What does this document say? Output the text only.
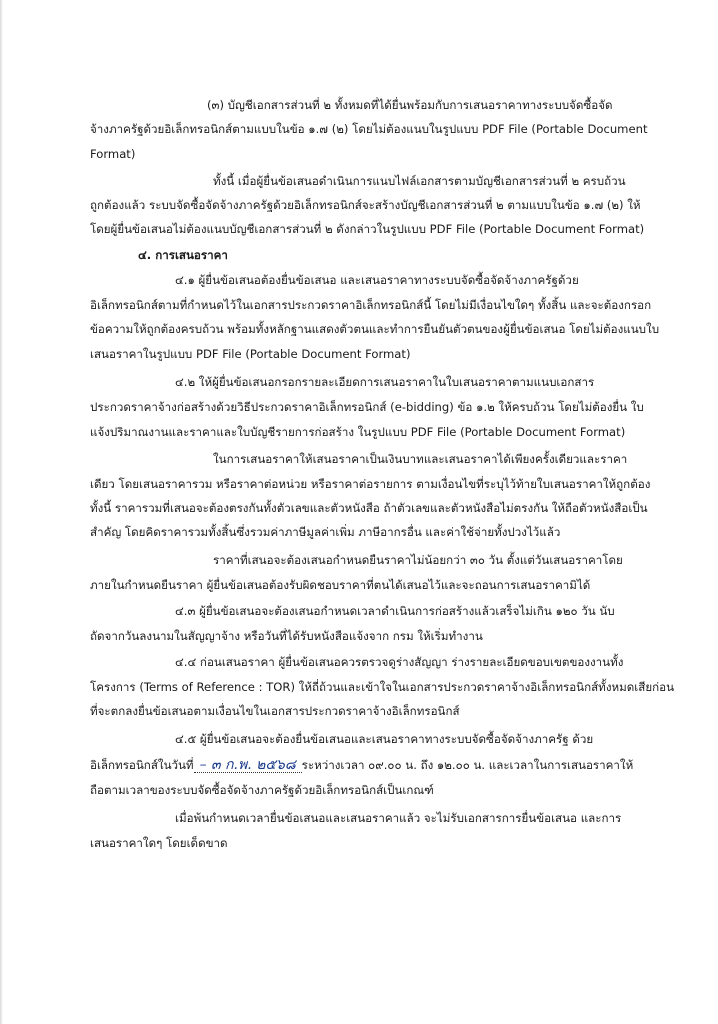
(๓) บัญชีเอกสารส่วนที่ ๒ ทั้งหมดที่ได้ยื่นพร้อมกับการเสนอราคาทางระบบจัดซื้อจัด
จ้างภาครัฐด้วยอิเล็กทรอนิกส์ตามแบบในข้อ ๑.๗ (๒) โดยไม่ต้องแนบในรูปแบบ PDF File (Portable Document
Format)
ทั้งนี้ เมื่อผู้ยื่นข้อเสนอดำเนินการแนบไฟล์เอกสารตามบัญชีเอกสารส่วนที่ ๒ ครบถ้วน
ถูกต้องแล้ว ระบบจัดซื้อจัดจ้างภาครัฐด้วยอิเล็กทรอนิกส์จะสร้างบัญชีเอกสารส่วนที่ ๒ ตามแบบในข้อ ๑.๗ (๒) ให้
โดยผู้ยื่นข้อเสนอไม่ต้องแนบบัญชีเอกสารส่วนที่ ๒ ดังกล่าวในรูปแบบ PDF File (Portable Document Format)
๔. การเสนอราคา
๔.๑ ผู้ยื่นข้อเสนอต้องยื่นข้อเสนอ และเสนอราคาทางระบบจัดซื้อจัดจ้างภาครัฐด้วย
อิเล็กทรอนิกส์ตามที่กำหนดไว้ในเอกสารประกวดราคาอิเล็กทรอนิกส์นี้ โดยไม่มีเงื่อนไขใดๆ ทั้งสิ้น และจะต้องกรอก
ข้อความให้ถูกต้องครบถ้วน พร้อมทั้งหลักฐานแสดงตัวตนและทำการยืนยันตัวตนของผู้ยื่นข้อเสนอ โดยไม่ต้องแนบใบ
เสนอราคาในรูปแบบ PDF File (Portable Document Format)
๔.๒ ให้ผู้ยื่นข้อเสนอกรอกรายละเอียดการเสนอราคาในใบเสนอราคาตามแนบเอกสาร
ประกวดราคาจ้างก่อสร้างด้วยวิธีประกวดราคาอิเล็กทรอนิกส์ (e-bidding) ข้อ ๑.๒ ให้ครบถ้วน โดยไม่ต้องยื่น ใบ
แจ้งปริมาณงานและราคาและใบบัญชีรายการก่อสร้าง ในรูปแบบ PDF File (Portable Document Format)
ในการเสนอราคาให้เสนอราคาเป็นเงินบาทและเสนอราคาได้เพียงครั้งเดียวและราคา
เดียว โดยเสนอราคารวม หรือราคาต่อหน่วย หรือราคาต่อรายการ ตามเงื่อนไขที่ระบุไว้ท้ายใบเสนอราคาให้ถูกต้อง
ทั้งนี้ ราคารวมที่เสนอจะต้องตรงกันทั้งตัวเลขและตัวหนังสือ ถ้าตัวเลขและตัวหนังสือไม่ตรงกัน ให้ถือตัวหนังสือเป็น
สำคัญ โดยคิดราคารวมทั้งสิ้นซึ่งรวมค่าภาษีมูลค่าเพิ่ม ภาษีอากรอื่น และค่าใช้จ่ายทั้งปวงไว้แล้ว
ราคาที่เสนอจะต้องเสนอกำหนดยืนราคาไม่น้อยกว่า ๓๐ วัน ตั้งแต่วันเสนอราคาโดย
ภายในกำหนดยืนราคา ผู้ยื่นข้อเสนอต้องรับผิดชอบราคาที่ตนได้เสนอไว้และจะถอนการเสนอราคามิได้
๔.๓ ผู้ยื่นข้อเสนอจะต้องเสนอกำหนดเวลาดำเนินการก่อสร้างแล้วเสร็จไม่เกิน ๑๒๐ วัน นับ
ถัดจากวันลงนามในสัญญาจ้าง หรือวันที่ได้รับหนังสือแจ้งจาก กรม ให้เริ่มทำงาน
๔.๔ ก่อนเสนอราคา ผู้ยื่นข้อเสนอควรตรวจดูร่างสัญญา ร่างรายละเอียดขอบเขตของงานทั้ง
โครงการ (Terms of Reference : TOR) ให้ถี่ถ้วนและเข้าใจในเอกสารประกวดราคาจ้างอิเล็กทรอนิกส์ทั้งหมดเสียก่อน
ที่จะตกลงยื่นข้อเสนอตามเงื่อนไขในเอกสารประกวดราคาจ้างอิเล็กทรอนิกส์
๔.๕ ผู้ยื่นข้อเสนอจะต้องยื่นข้อเสนอและเสนอราคาทางระบบจัดซื้อจัดจ้างภาครัฐ ด้วย
อิเล็กทรอนิกส์ในวันที่ – ๓ ก.พ. ๒๕๖๘ ระหว่างเวลา ๐๙.๐๐ น. ถึง ๑๒.๐๐ น. และเวลาในการเสนอราคาให้
ถือตามเวลาของระบบจัดซื้อจัดจ้างภาครัฐด้วยอิเล็กทรอนิกส์เป็นเกณฑ์
เมื่อพ้นกำหนดเวลายื่นข้อเสนอและเสนอราคาแล้ว จะไม่รับเอกสารการยื่นข้อเสนอ และการ
เสนอราคาใดๆ โดยเด็ดขาด
